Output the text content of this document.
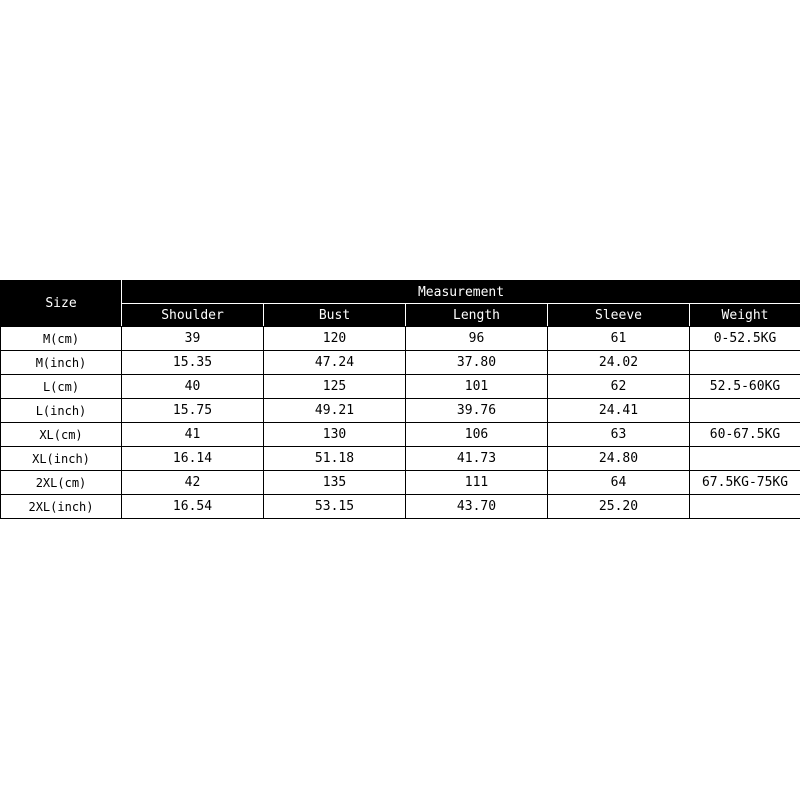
Size	Measurement				
	Shoulder	Bust	Length	Sleeve	Weight
M(cm)	39	120	96	61	0-52.5KG
M(inch)	15.35	47.24	37.80	24.02	
L(cm)	40	125	101	62	52.5-60KG
L(inch)	15.75	49.21	39.76	24.41	
XL(cm)	41	130	106	63	60-67.5KG
XL(inch)	16.14	51.18	41.73	24.80	
2XL(cm)	42	135	111	64	67.5KG-75KG
2XL(inch)	16.54	53.15	43.70	25.20	
